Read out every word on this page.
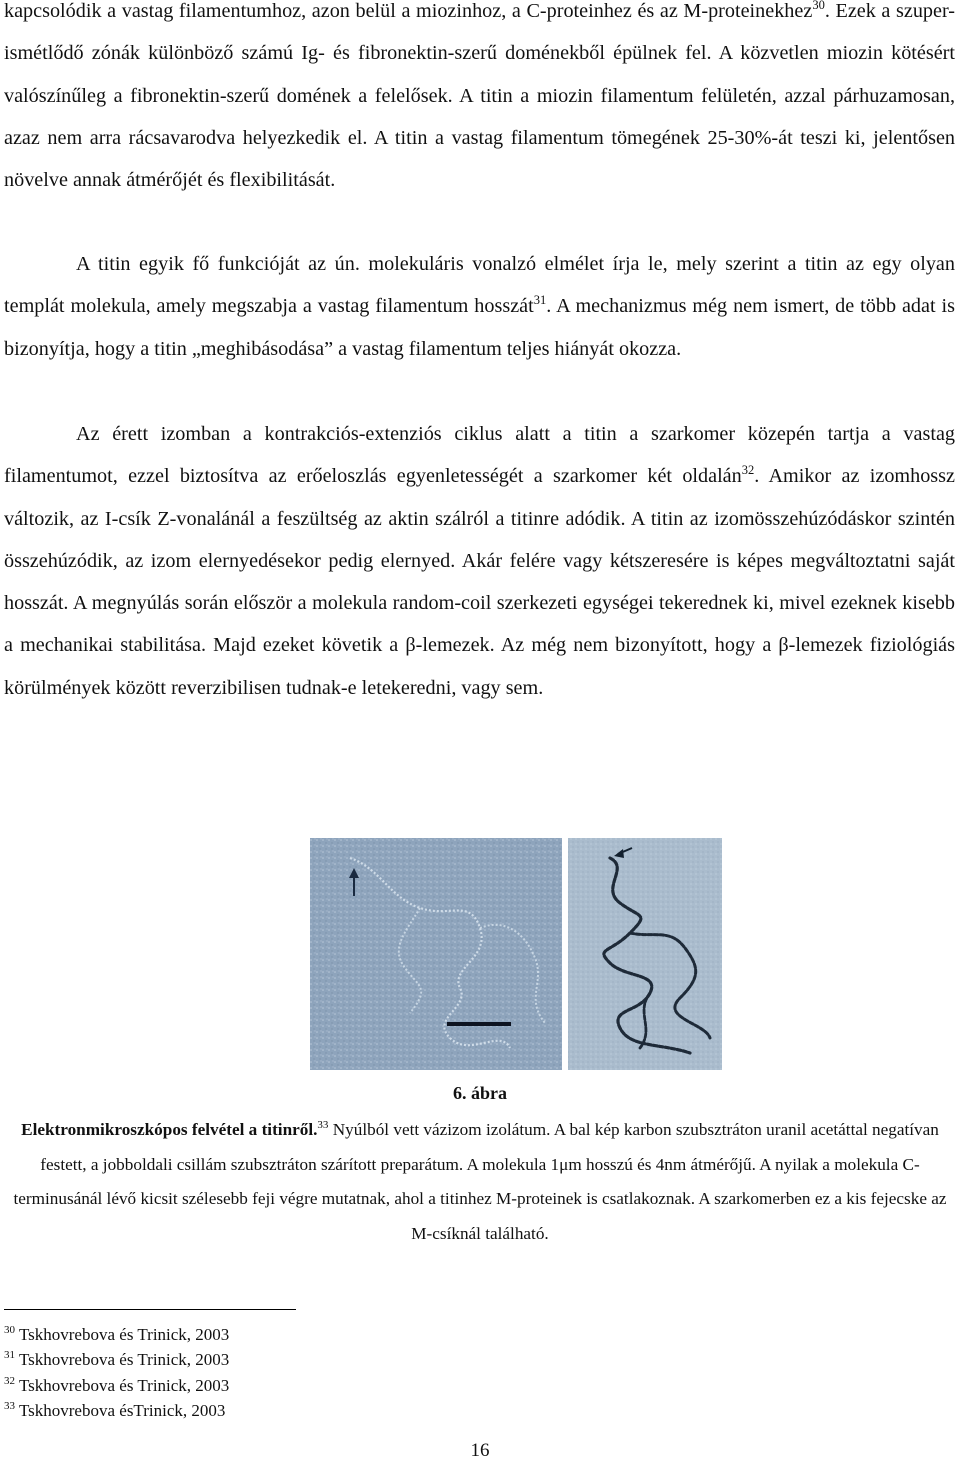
kapcsolódik a vastag filamentumhoz, azon belül a miozinhoz, a C-proteinhez és az M-proteinekhez$^{30}$. Ezek a szuper-ismétlődő zónák különböző számú Ig- és fibronektin-szerű doménekből épülnek fel. A közvetlen miozin kötésért valószínűleg a fibronektin-szerű domének a felelősek. A titin a miozin filamentum felületén, azzal párhuzamosan, azaz nem arra rácsavarodva helyezkedik el. A titin a vastag filamentum tömegének 25-30%-át teszi ki, jelentősen növelve annak átmérőjét és flexibilitását.

A titin egyik fő funkcióját az ún. molekuláris vonalzó elmélet írja le, mely szerint a titin az egy olyan templát molekula, amely megszabja a vastag filamentum hosszát$^{31}$. A mechanizmus még nem ismert, de több adat is bizonyítja, hogy a titin „meghibásodása” a vastag filamentum teljes hiányát okozza.

Az érett izomban a kontrakciós-extenziós ciklus alatt a titin a szarkomer közepén tartja a vastag filamentumot, ezzel biztosítva az erőeloszlás egyenletességét a szarkomer két oldalán$^{32}$. Amikor az izomhossz változik, az I-csík Z-vonalánál a feszültség az aktin szálról a titinre adódik. A titin az izomösszehúzódáskor szintén összehúzódik, az izom elernyedésekor pedig elernyed. Akár felére vagy kétszeresére is képes megváltoztatni saját hosszát. A megnyúlás során először a molekula random-coil szerkezeti egységei tekerednek ki, mivel ezeknek kisebb a mechanikai stabilitása. Majd ezeket követik a β-lemezek. Az még nem bizonyított, hogy a β-lemezek fiziológiás körülmények között reverzibilisen tudnak-e letekeredni, vagy sem.

6. ábra
Elektronmikroszkópos felvétel a titinről.$^{33}$ Nyúlból vett vázizom izolátum. A bal kép karbon szubsztráton uranil acetáttal negatívan festett, a jobboldali csillám szubsztráton szárított preparátum. A molekula 1μm hosszú és 4nm átmérőjű. A nyilak a molekula C-terminusánál lévő kicsit szélesebb feji végre mutatnak, ahol a titinhez M-proteinek is csatlakoznak. A szarkomerben ez a kis fejecske az M-csíknál található.
$^{30}$ Tskhovrebova és Trinick, 2003
$^{31}$ Tskhovrebova és Trinick, 2003
$^{32}$ Tskhovrebova és Trinick, 2003
$^{33}$ Tskhovrebova ésTrinick, 2003
16
